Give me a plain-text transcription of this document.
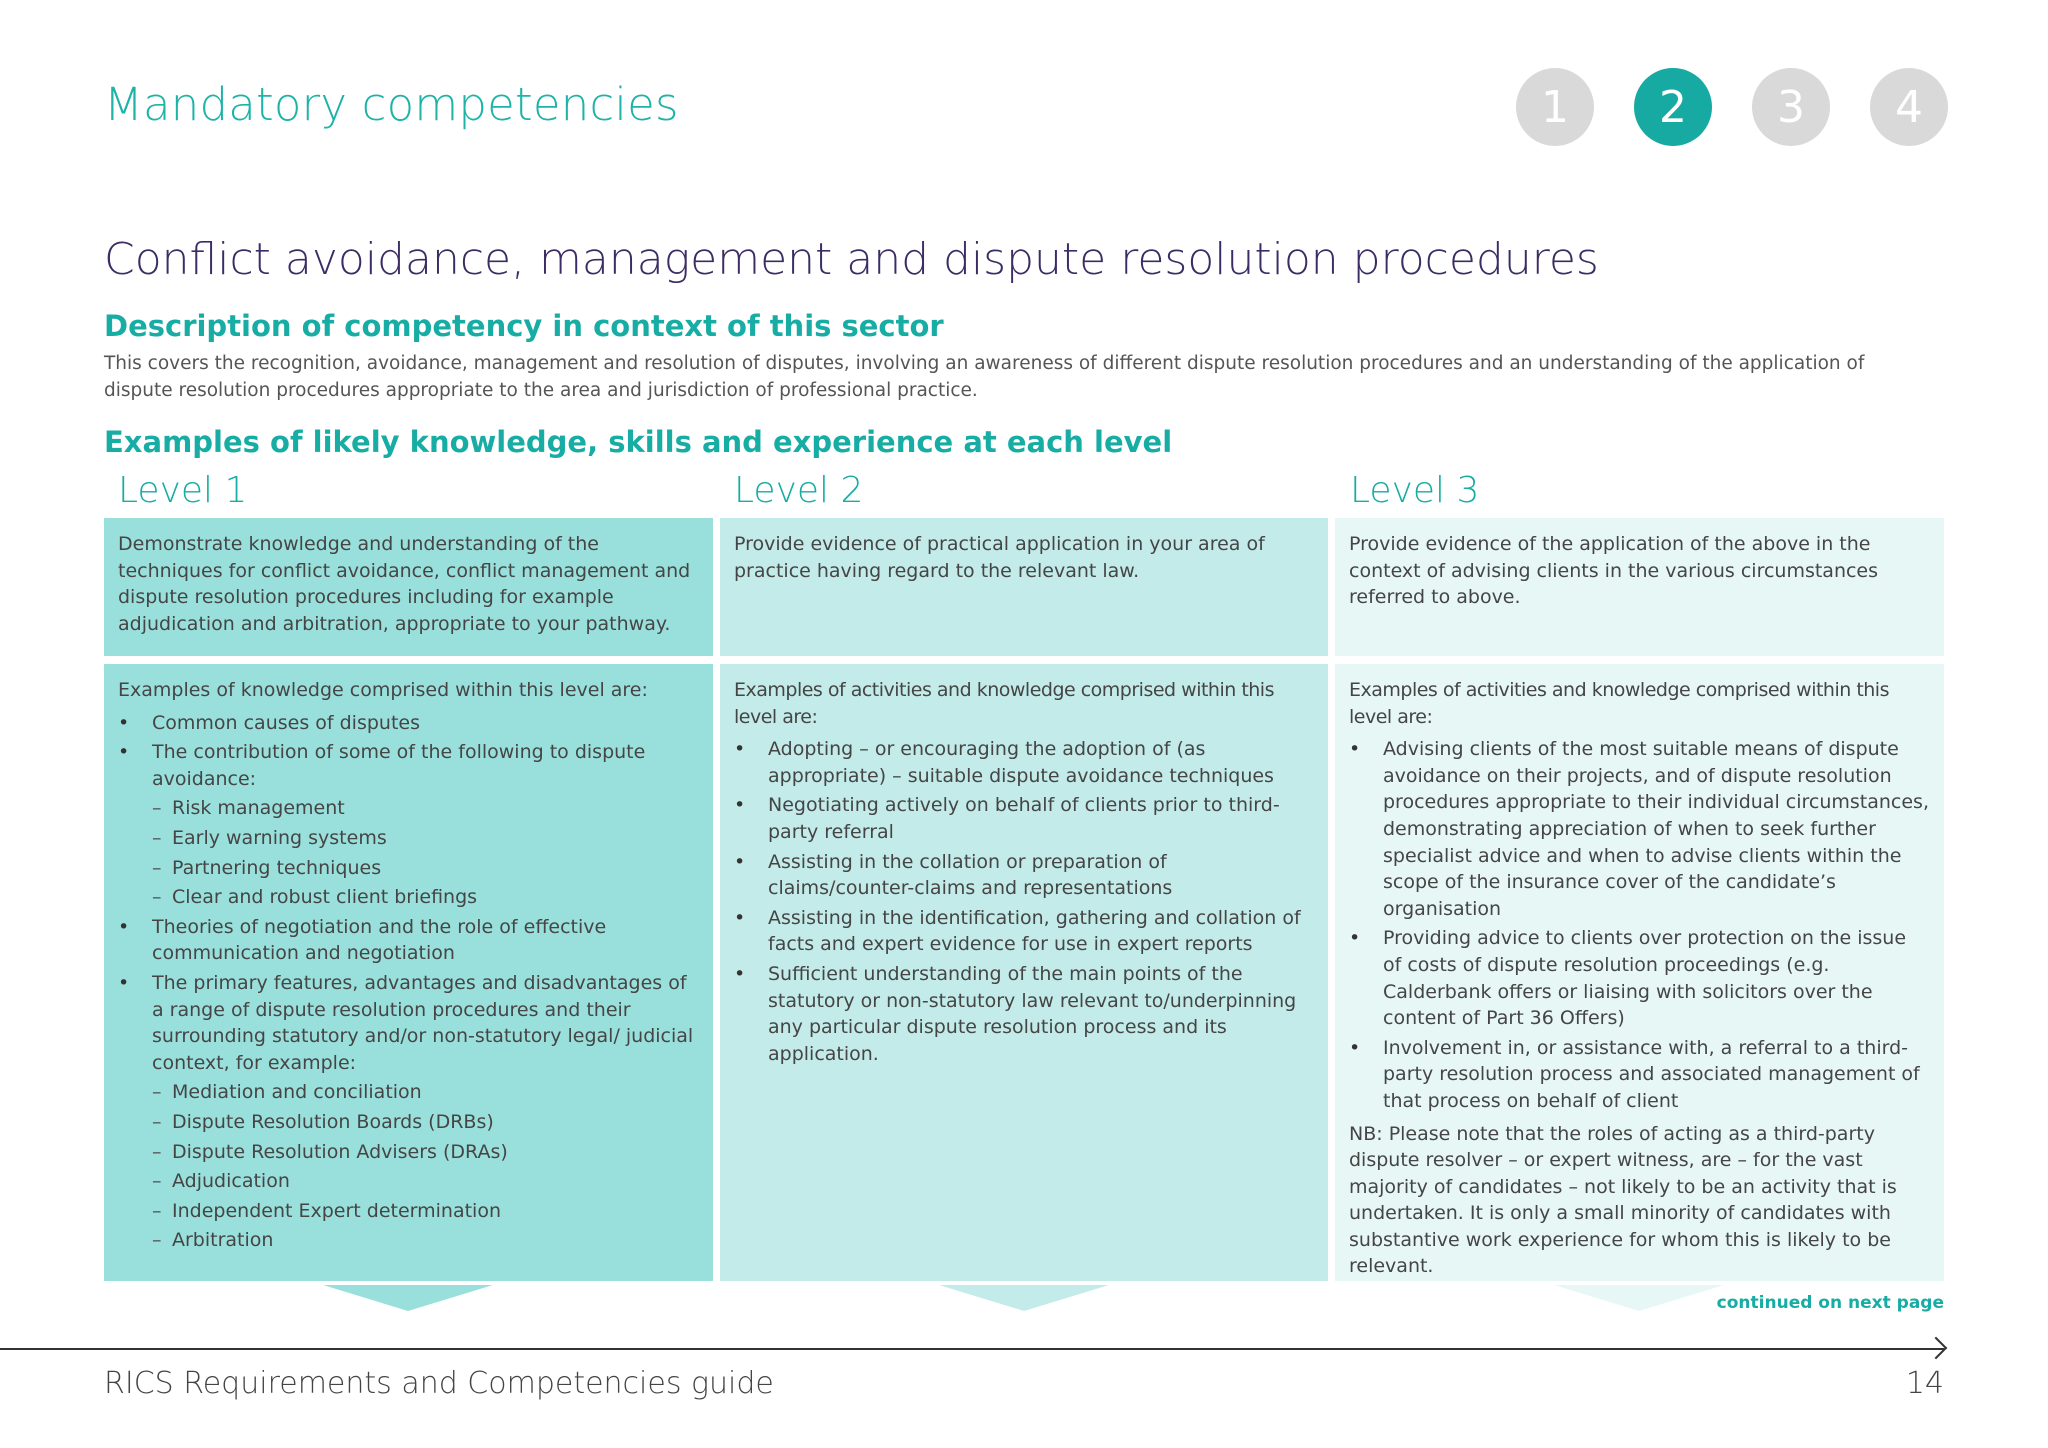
Mandatory competencies	1	2	3	4
Conflict avoidance, management and dispute resolution procedures
Description of competency in context of this sector
This covers the recognition, avoidance, management and resolution of disputes, involving an awareness of different dispute resolution procedures and an understanding of the application of dispute resolution procedures appropriate to the area and jurisdiction of professional practice.
Examples of likely knowledge, skills and experience at each level
Level 1	Level 2	Level 3

Demonstrate knowledge and understanding of the techniques for conflict avoidance, conflict management and dispute resolution procedures including for example adjudication and arbitration, appropriate to your pathway.

Provide evidence of practical application in your area of practice having regard to the relevant law.

Provide evidence of the application of the above in the context of advising clients in the various circumstances referred to above.

Examples of knowledge comprised within this level are:

• Common causes of disputes
• The contribution of some of the following to dispute avoidance:
– Risk management
– Early warning systems
– Partnering techniques
– Clear and robust client briefings
• Theories of negotiation and the role of effective communication and negotiation
• The primary features, advantages and disadvantages of a range of dispute resolution procedures and their surrounding statutory and/or non-statutory legal/ judicial context, for example:
– Mediation and conciliation
– Dispute Resolution Boards (DRBs)
– Dispute Resolution Advisers (DRAs)
– Adjudication
– Independent Expert determination
– Arbitration

Examples of activities and knowledge comprised within this level are:

• Adopting – or encouraging the adoption of (as appropriate) – suitable dispute avoidance techniques
• Negotiating actively on behalf of clients prior to third-party referral
• Assisting in the collation or preparation of claims/counter-claims and representations
• Assisting in the identification, gathering and collation of facts and expert evidence for use in expert reports
• Sufficient understanding of the main points of the statutory or non-statutory law relevant to/underpinning any particular dispute resolution process and its application.

Examples of activities and knowledge comprised within this level are:

• Advising clients of the most suitable means of dispute avoidance on their projects, and of dispute resolution procedures appropriate to their individual circumstances, demonstrating appreciation of when to seek further specialist advice and when to advise clients within the scope of the insurance cover of the candidate’s organisation
• Providing advice to clients over protection on the issue of costs of dispute resolution proceedings (e.g. Calderbank offers or liaising with solicitors over the content of Part 36 Offers)
• Involvement in, or assistance with, a referral to a third-party resolution process and associated management of that process on behalf of client

NB: Please note that the roles of acting as a third-party dispute resolver – or expert witness, are – for the vast majority of candidates – not likely to be an activity that is undertaken. It is only a small minority of candidates with substantive work experience for whom this is likely to be relevant.

continued on next page
RICS Requirements and Competencies guide	14
